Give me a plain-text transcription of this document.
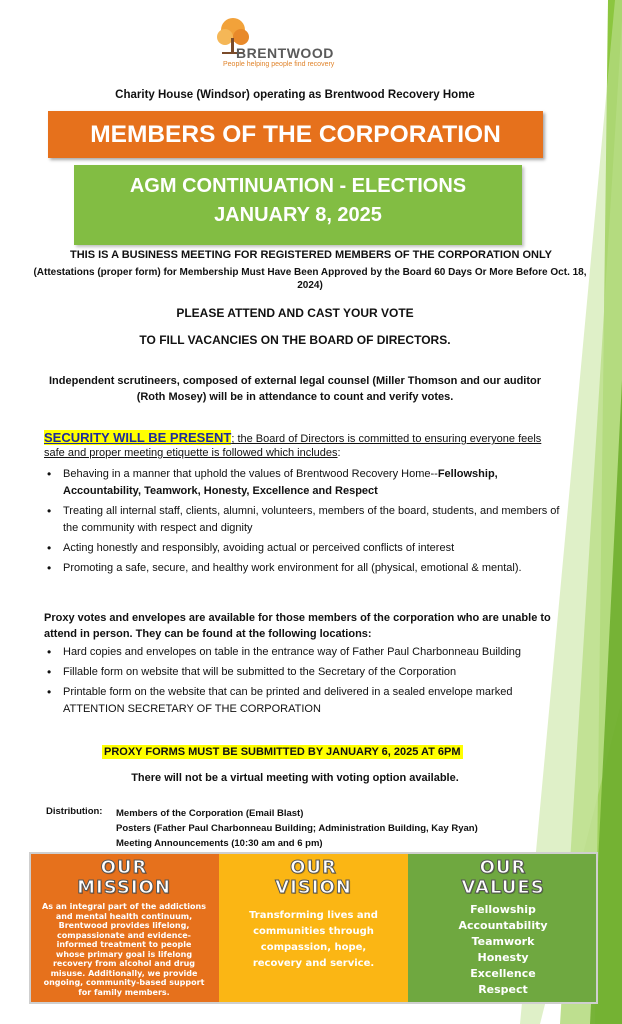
BRENTWOOD
People helping people find recovery
Charity House (Windsor) operating as Brentwood Recovery Home
MEMBERS OF THE CORPORATION
AGM CONTINUATION - ELECTIONS
JANUARY 8, 2025
THIS IS A BUSINESS MEETING FOR REGISTERED MEMBERS OF THE CORPORATION ONLY
(Attestations (proper form) for Membership Must Have Been Approved by the Board 60 Days Or More Before Oct. 18, 2024)
PLEASE ATTEND AND CAST YOUR VOTE
TO FILL VACANCIES ON THE BOARD OF DIRECTORS.
Independent scrutineers, composed of external legal counsel (Miller Thomson and our auditor (Roth Mosey) will be in attendance to count and verify votes.
SECURITY WILL BE PRESENT; the Board of Directors is committed to ensuring everyone feels safe and proper meeting etiquette is followed which includes:
• Behaving in a manner that uphold the values of Brentwood Recovery Home--Fellowship, Accountability, Teamwork, Honesty, Excellence and Respect
• Treating all internal staff, clients, alumni, volunteers, members of the board, students, and members of the community with respect and dignity
• Acting honestly and responsibly, avoiding actual or perceived conflicts of interest
• Promoting a safe, secure, and healthy work environment for all (physical, emotional & mental).
Proxy votes and envelopes are available for those members of the corporation who are unable to attend in person. They can be found at the following locations:
• Hard copies and envelopes on table in the entrance way of Father Paul Charbonneau Building
• Fillable form on website that will be submitted to the Secretary of the Corporation
• Printable form on the website that can be printed and delivered in a sealed envelope marked ATTENTION SECRETARY OF THE CORPORATION
PROXY FORMS MUST BE SUBMITTED BY JANUARY 6, 2025 AT 6PM
There will not be a virtual meeting with voting option available.
Distribution: Members of the Corporation (Email Blast)
Posters (Father Paul Charbonneau Building; Administration Building, Kay Ryan)
Meeting Announcements (10:30 am and 6 pm)
OUR
MISSION
As an integral part of the addictions and mental health continuum, Brentwood provides lifelong, compassionate and evidence-informed treatment to people whose primary goal is lifelong recovery from alcohol and drug misuse. Additionally, we provide ongoing, community-based support for family members.
OUR
VISION
Transforming lives and communities through compassion, hope, recovery and service.
OUR
VALUES
Fellowship
Accountability
Teamwork
Honesty
Excellence
Respect
